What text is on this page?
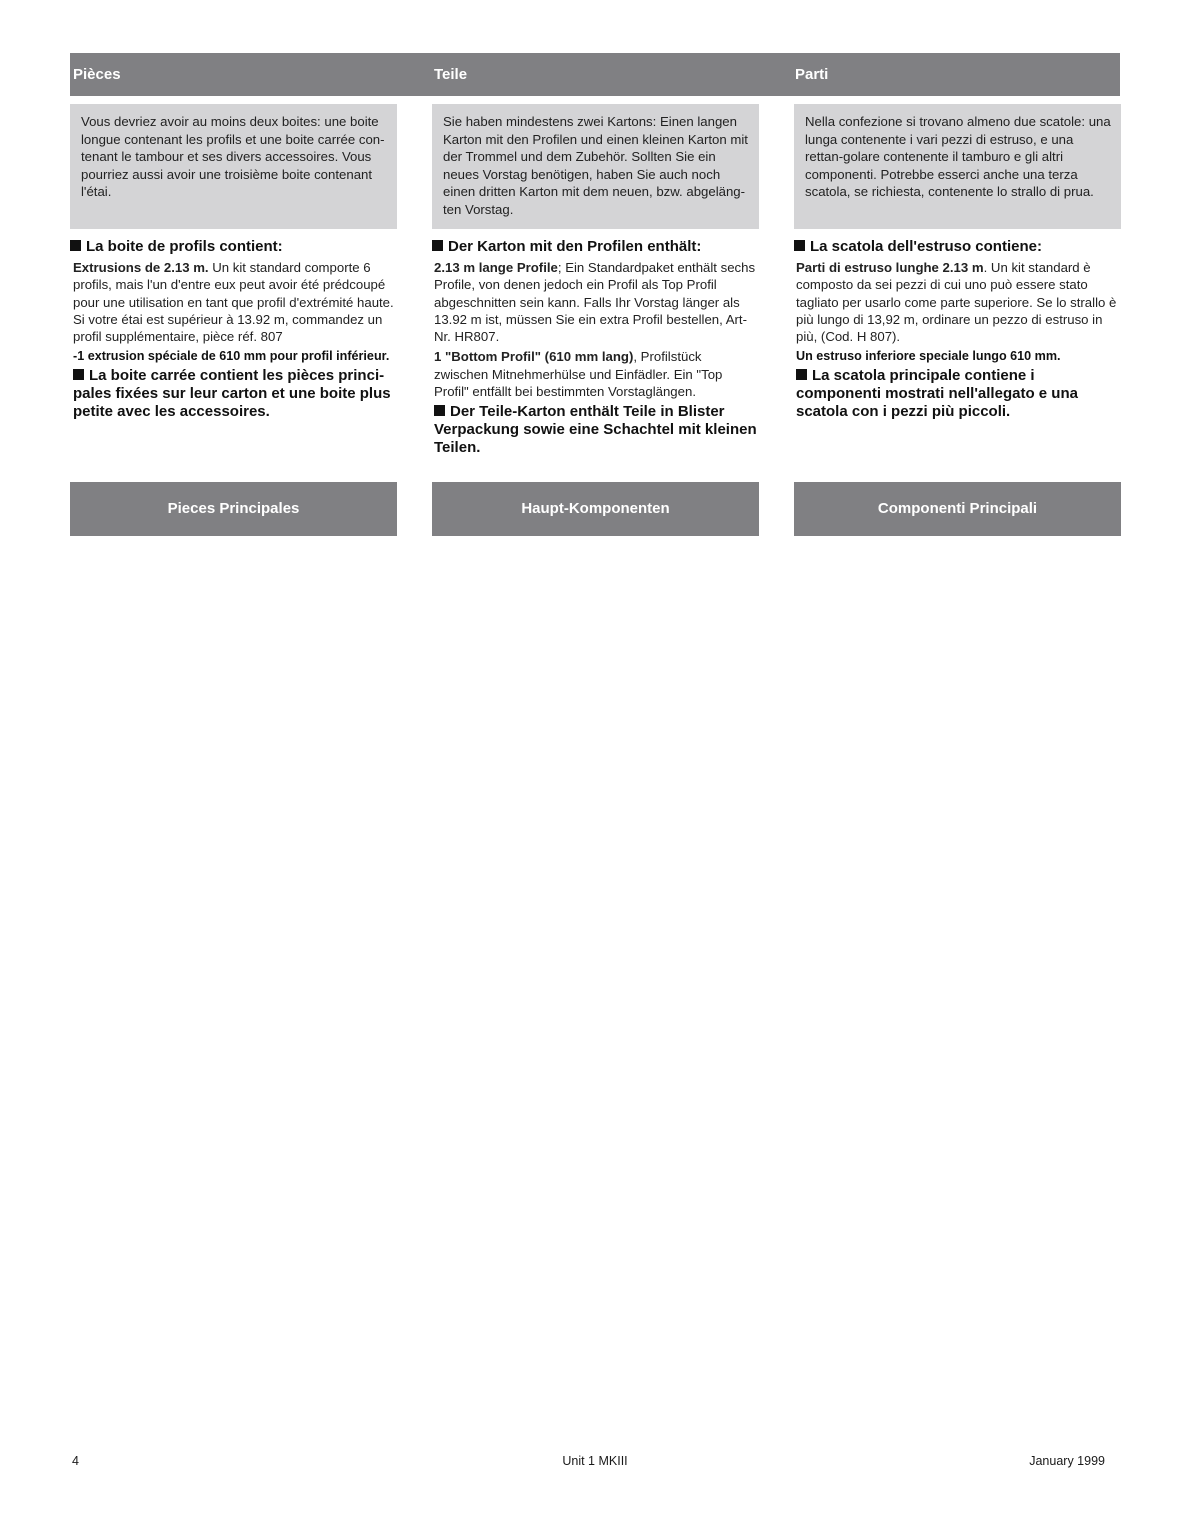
Pièces	Teile	Parti
Vous devriez avoir au moins deux boites: une boite longue contenant les profils et une boite carrée con-tenant le tambour et ses divers accessoires. Vous pourriez aussi avoir une troisième boite contenant l'étai.
La boite de profils contient:
Extrusions de 2.13 m. Un kit standard comporte 6 profils, mais l'un d'entre eux peut avoir été prédcoupé pour une utilisation en tant que profil d'extrémité haute. Si votre étai est supérieur à 13.92 m, commandez un profil supplémentaire, pièce réf. 807
-1 extrusion spéciale de 610 mm pour profil inférieur.
La boite carrée contient les pièces princi-pales fixées sur leur carton et une boite plus petite avec les accessoires.
Sie haben mindestens zwei Kartons: Einen langen Karton mit den Profilen und einen kleinen Karton mit der Trommel und dem Zubehör. Sollten Sie ein neues Vorstag benötigen, haben Sie auch noch einen dritten Karton mit dem neuen, bzw. abgeläng-ten Vorstag.
Der Karton mit den Profilen enthält:
2.13 m lange Profile; Ein Standardpaket enthält sechs Profile, von denen jedoch ein Profil als Top Profil abgeschnitten sein kann. Falls Ihr Vorstag länger als 13.92 m ist, müssen Sie ein extra Profil bestellen, Art-Nr. HR807.
1 "Bottom Profil" (610 mm lang), Profilstück zwischen Mitnehmerhülse und Einfädler. Ein "Top Profil" entfällt bei bestimmten Vorstaglängen.
Der Teile-Karton enthält Teile in Blister Verpackung sowie eine Schachtel mit kleinen Teilen.
Nella confezione si trovano almeno due scatole: una lunga contenente i vari pezzi di estruso, e una rettan-golare contenente il tamburo e gli altri componenti. Potrebbe esserci anche una terza scatola, se richiesta, contenente lo strallo di prua.
La scatola dell'estruso contiene:
Parti di estruso lunghe 2.13 m. Un kit standard è composto da sei pezzi di cui uno può essere stato tagliato per usarlo come parte superiore. Se lo strallo è più lungo di 13,92 m, ordinare un pezzo di estruso in più, (Cod. H 807).
Un estruso inferiore speciale lungo 610 mm.
La scatola principale contiene i componenti mostrati nell'allegato e una scatola con i pezzi più piccoli.
Pieces Principales	Haupt-Komponenten	Componenti Principali
4	Unit 1 MKIII	January 1999
